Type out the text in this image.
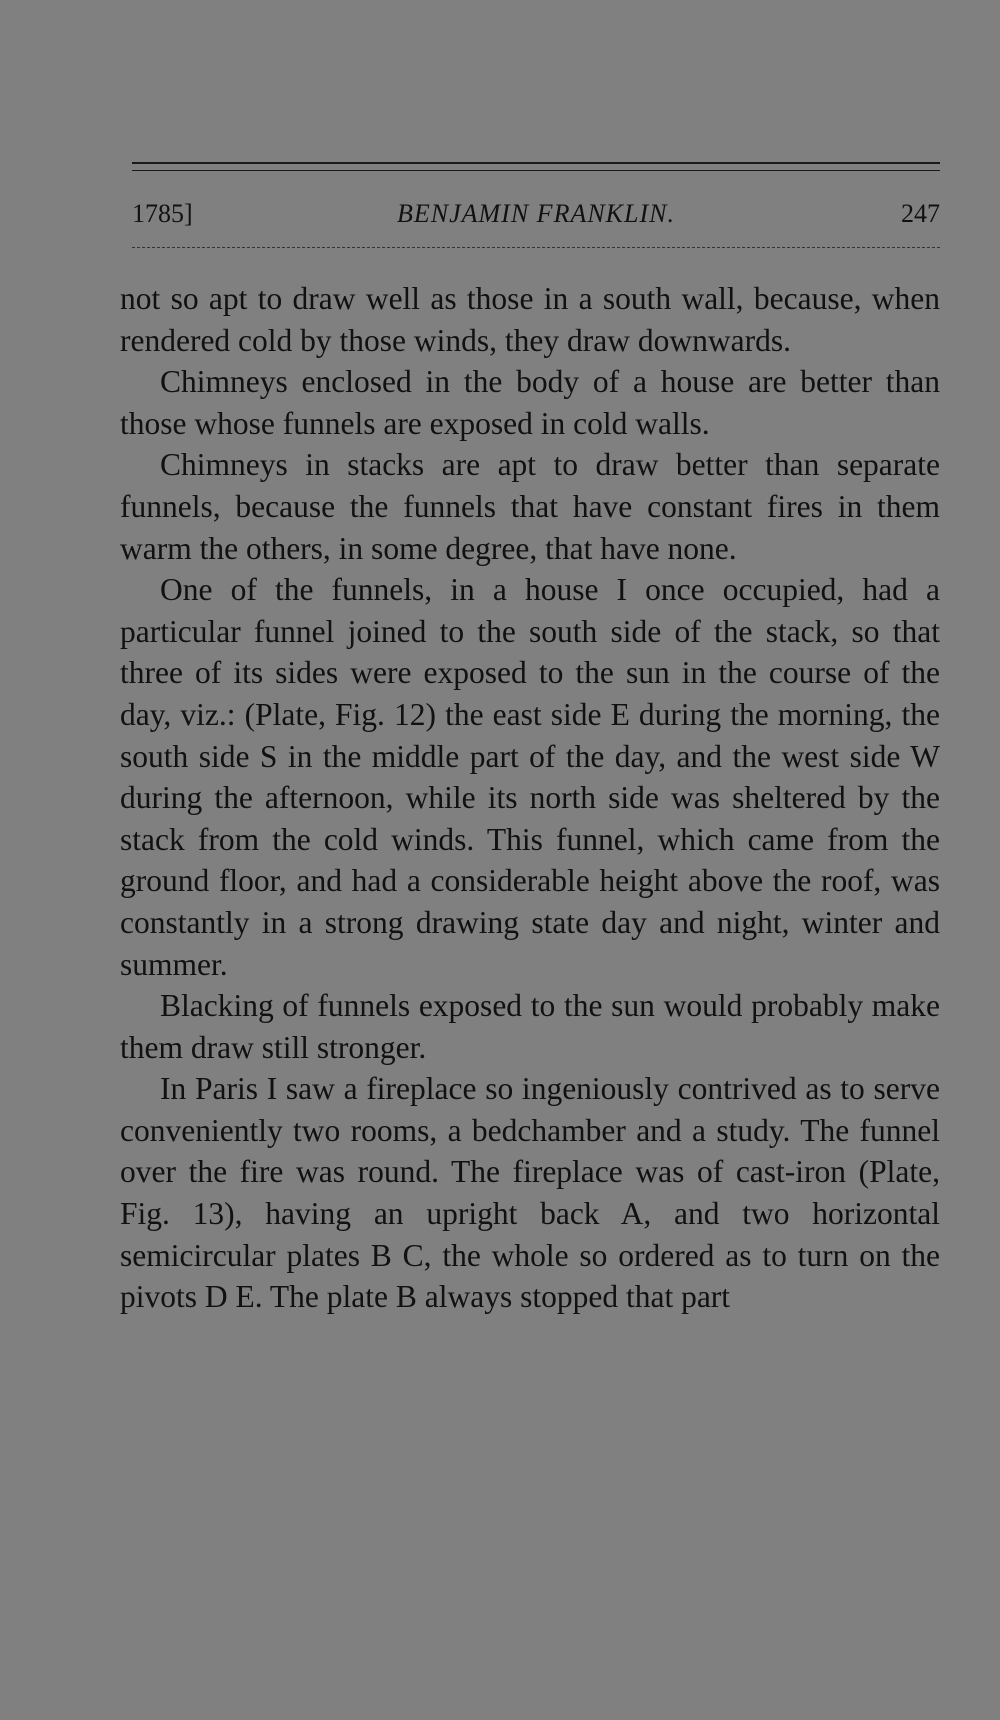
1785]	BENJAMIN FRANKLIN.	247

not so apt to draw well as those in a south wall, because, when rendered cold by those winds, they draw downwards.

Chimneys enclosed in the body of a house are better than those whose funnels are exposed in cold walls.

Chimneys in stacks are apt to draw better than separate funnels, because the funnels that have constant fires in them warm the others, in some degree, that have none.

One of the funnels, in a house I once occupied, had a particular funnel joined to the south side of the stack, so that three of its sides were exposed to the sun in the course of the day, viz.: (Plate, Fig. 12) the east side E during the morning, the south side S in the middle part of the day, and the west side W during the afternoon, while its north side was sheltered by the stack from the cold winds. This funnel, which came from the ground floor, and had a considerable height above the roof, was constantly in a strong drawing state day and night, winter and summer.

Blacking of funnels exposed to the sun would probably make them draw still stronger.

In Paris I saw a fireplace so ingeniously contrived as to serve conveniently two rooms, a bedchamber and a study. The funnel over the fire was round. The fireplace was of cast-iron (Plate, Fig. 13), having an upright back A, and two horizontal semicircular plates B C, the whole so ordered as to turn on the pivots D E. The plate B always stopped that part
